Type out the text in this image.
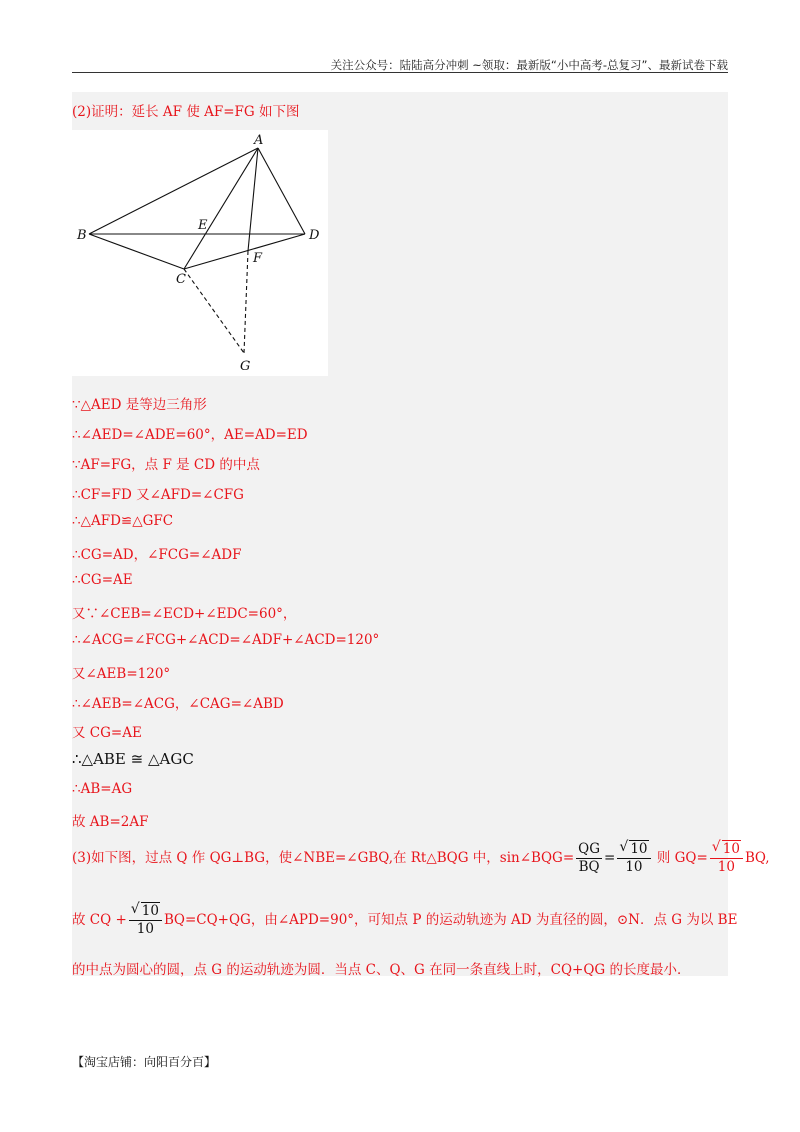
关注公众号：陆陆高分冲刺 ~领取：最新版“小中高考-总复习”、最新试卷下载
(2)证明：延长 AF 使 AF=FG 如下图
A
B
C
D
E
F
G
∵△AED 是等边三角形
∴∠AED=∠ADE=60°，AE=AD=ED
∵AF=FG，点 F 是 CD 的中点
∴CF=FD 又∠AFD=∠CFG
∴△AFD≌△GFC
∴CG=AD，∠FCG=∠ADF
∴CG=AE
又∵∠CEB=∠ECD+∠EDC=60°，
∴∠ACG=∠FCG+∠ACD=∠ADF+∠ACD=120°
又∠AEB=120°
∴∠AEB=∠ACG，∠CAG=∠ABD
又 CG=AE
∴△ABE ≅ △AGC
∴AB=AG
故 AB=2AF
(3)如下图，过点 Q 作 QG⊥BG，使∠NBE=∠GBQ,在 Rt△BQG 中，sin∠BQG= $\frac{QG}{BQ}$ = √ $\frac{10}{10}$ 则 GQ= √ $\frac{10}{10}$ BQ,
故 CQ + √ $\frac{10}{10} BQ=CQ+QG$，由∠APD=90°，可知点 P 的运动轨迹为 AD 为直径的圆，⊙N．点 G 为以 BE
的中点为圆心的圆，点 G 的运动轨迹为圆．当点 C、Q、G 在同一条直线上时，CQ+QG 的长度最小．
【淘宝店铺：向阳百分百】
